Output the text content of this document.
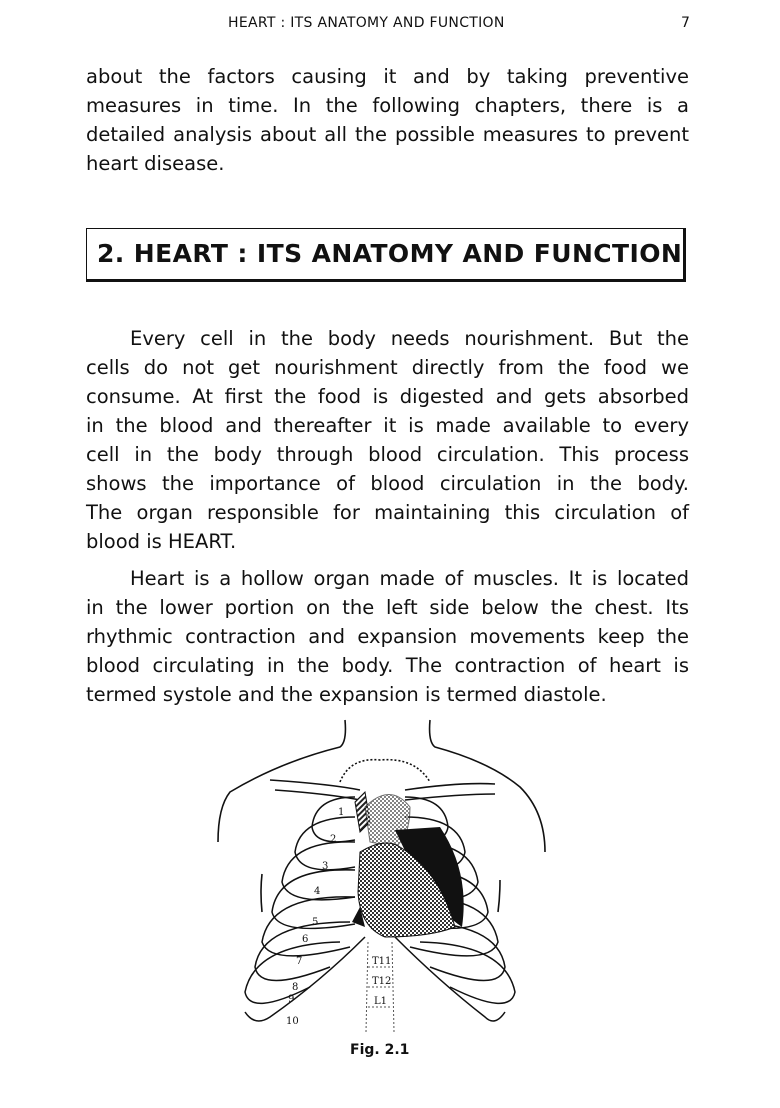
HEART : ITS ANATOMY AND FUNCTION	7
about the factors causing it and by taking preventive
measures in time. In the following chapters, there is a
detailed analysis about all the possible measures to prevent
heart disease.
2. HEART : ITS ANATOMY AND FUNCTION
Every cell in the body needs nourishment. But the
cells do not get nourishment directly from the food we
consume. At first the food is digested and gets absorbed
in the blood and thereafter it is made available to every
cell in the body through blood circulation. This process
shows the importance of blood circulation in the body.
The organ responsible for maintaining this circulation of
blood is HEART.
Heart is a hollow organ made of muscles. It is located
in the lower portion on the left side below the chest. Its
rhythmic contraction and expansion movements keep the
blood circulating in the body. The contraction of heart is
termed systole and the expansion is termed diastole.
1
2
3
4
5
6
7
8
9
10
T11
T12
L1
Fig. 2.1
